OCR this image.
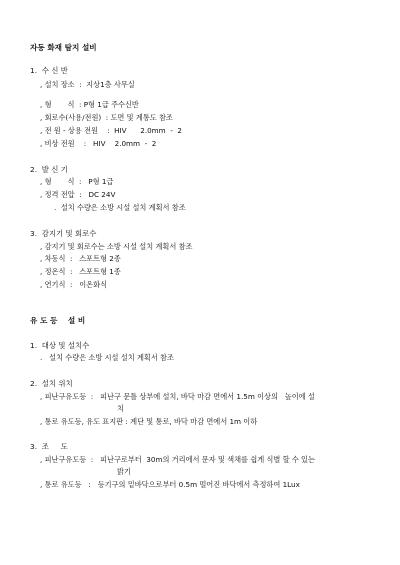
자동 화재 탐지 설비
1.  수 신 반
, 설치 장소  :  지상1층 사무실
, 형       식  : P형 1급 주수신반
, 회로수(사용/전원)  : 도면 및 계통도 참조
, 전 원 - 상용 전원    :  HIV      2.0mm  -  2
, 비상 전원    :   HIV    2.0mm  -  2
2.  발 신 기
, 형       식  :   P형 1급
, 정격 전압  :   DC 24V
.  설치 수량은 소방 시설 설치 계획서 참조
3.  감지기 및 회로수
, 감지기 및 회로수는 소방 시설 설치 계획서 참조
, 차동식  :   스포트형 2종
, 정온식  :   스포트형 1종
, 연기식  :   이온화식
유 도 등    설 비
1.  대상 및 설치수
.   설치 수량은 소방 시설 설치 계획서 참조
2.  설치 위치
, 피난구유도등  :   피난구 문틀 상부에 설치, 바닥 마감 면에서 1.5m 이상의   높이에 설
치
, 통로 유도등, 유도 표지판 : 계단 및 통로, 바닥 마감 면에서 1m 이하
3.  조     도
, 피난구유도등  :   피난구로부터  30m의 거리에서 문자 및 색채를 쉽게 식별 할 수 있는
밝기
, 통로 유도등   :   등기구의 밑바닥으로부터 0.5m 떨어진 바닥에서 측정하여 1Lux
